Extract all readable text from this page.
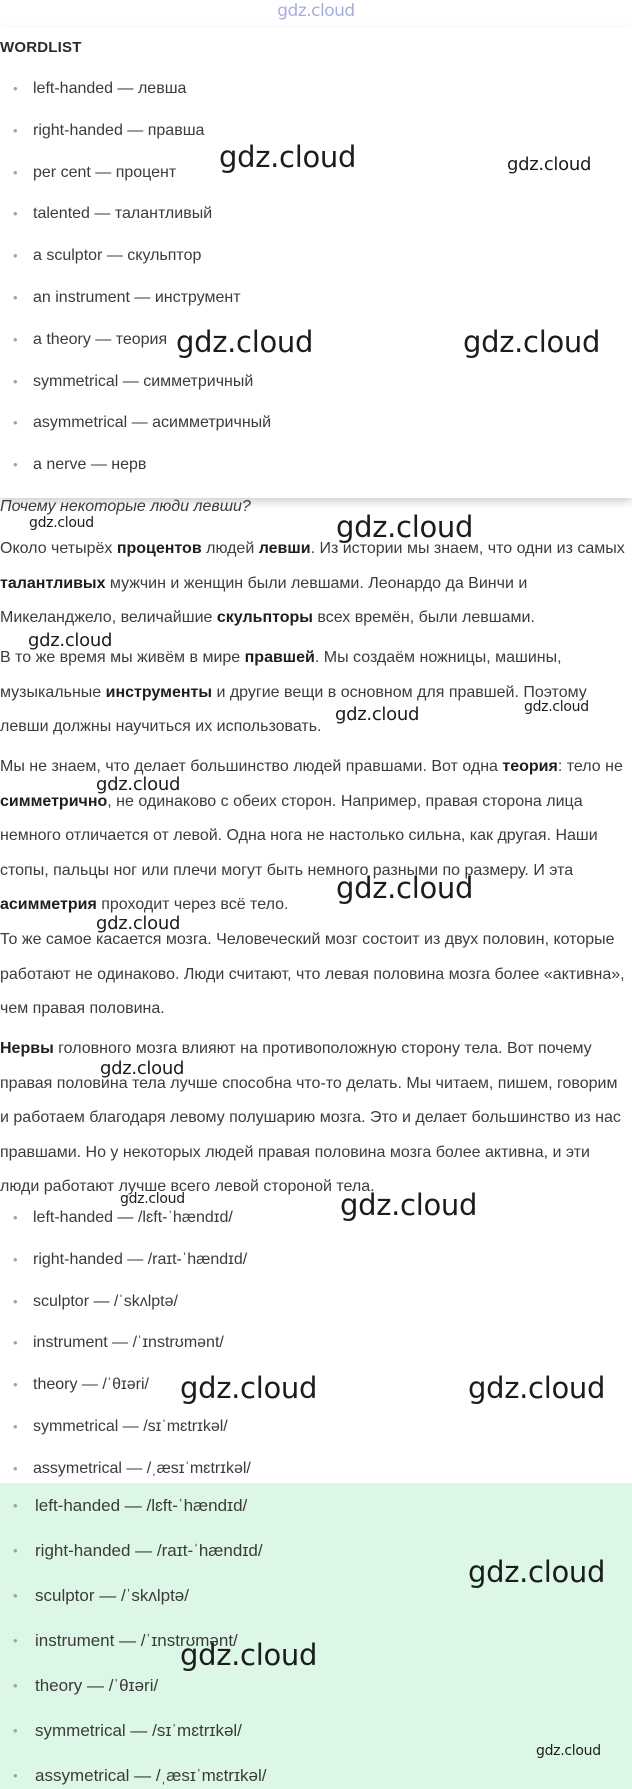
gdz.cloud
WORDLIST
• left-handed — левша
• right-handed — правша
• per cent — процент
• talented — талантливый
• a sculptor — скульптор
• an instrument — инструмент
• a theory — теория
• symmetrical — симметричный
• asymmetrical — асимметричный
• a nerve — нерв
Почему некоторые люди левши?

Около четырёх процентов людей левши. Из истории мы знаем, что одни из самых талантливых мужчин и женщин были левшами. Леонардо да Винчи и Микеланджело, величайшие скульпторы всех времён, были левшами.

В то же время мы живём в мире правшей. Мы создаём ножницы, машины, музыкальные инструменты и другие вещи в основном для правшей. Поэтому левши должны научиться их использовать.

Мы не знаем, что делает большинство людей правшами. Вот одна теория: тело не симметрично, не одинаково с обеих сторон. Например, правая сторона лица немного отличается от левой. Одна нога не настолько сильна, как другая. Наши стопы, пальцы ног или плечи могут быть немного разными по размеру. И эта асимметрия проходит через всё тело.

То же самое касается мозга. Человеческий мозг состоит из двух половин, которые работают не одинаково. Люди считают, что левая половина мозга более «активна», чем правая половина.

Нервы головного мозга влияют на противоположную сторону тела. Вот почему правая половина тела лучше способна что-то делать. Мы читаем, пишем, говорим и работаем благодаря левому полушарию мозга. Это и делает большинство из нас правшами. Но у некоторых людей правая половина мозга более активна, и эти люди работают лучше всего левой стороной тела.

• left-handed — /lɛft-ˈhændɪd/
• right-handed — /raɪt-ˈhændɪd/
• sculptor — /ˈskʌlptə/
• instrument — /ˈɪnstrʊmənt/
• theory — /ˈθɪəri/
• symmetrical — /sɪˈmɛtrɪkəl/
• assymetrical — /ˌæsɪˈmɛtrɪkəl/
• left-handed — /lɛft-ˈhændɪd/
• right-handed — /raɪt-ˈhændɪd/
• sculptor — /ˈskʌlptə/
• instrument — /ˈɪnstrʊmənt/
• theory — /ˈθɪəri/
• symmetrical — /sɪˈmɛtrɪkəl/
• assymetrical — /ˌæsɪˈmɛtrɪkəl/
gdz.cloud	gdz.cloud
gdz.cloud	gdz.cloud
gdz.cloud	gdz.cloud
gdz.cloud
gdz.cloud	gdz.cloud
gdz.cloud
gdz.cloud
gdz.cloud
gdz.cloud
gdz.cloud	gdz.cloud
gdz.cloud	gdz.cloud
gdz.cloud
gdz.cloud
gdz.cloud
